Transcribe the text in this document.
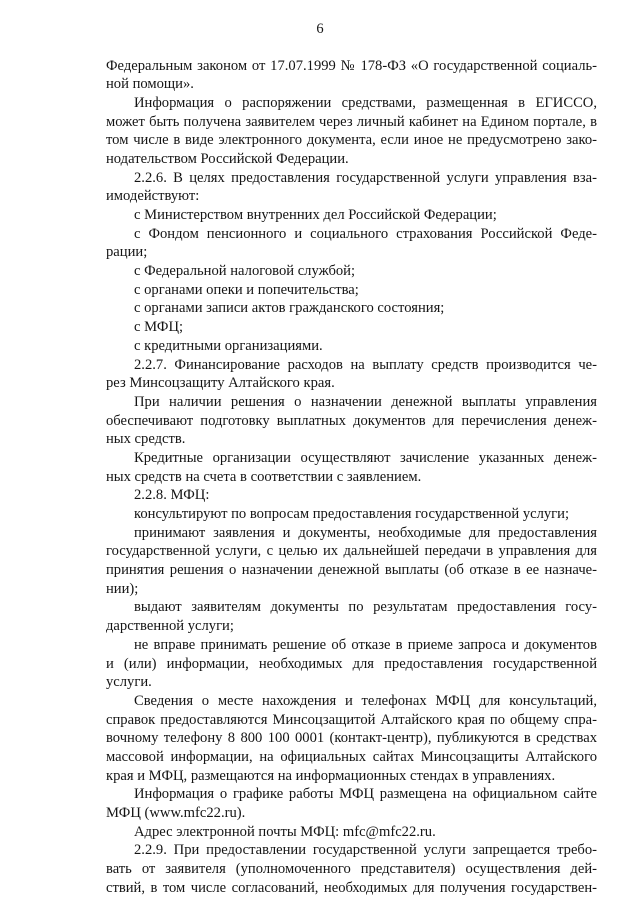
6
Федеральным законом от 17.07.1999 № 178-ФЗ «О государственной социаль-
ной помощи».
Информация о распоряжении средствами, размещенная в ЕГИССО,
может быть получена заявителем через личный кабинет на Едином портале, в
том числе в виде электронного документа, если иное не предусмотрено зако-
нодательством Российской Федерации.
2.2.6. В целях предоставления государственной услуги управления вза-
имодействуют:
с Министерством внутренних дел Российской Федерации;
с Фондом пенсионного и социального страхования Российской Феде-
рации;
с Федеральной налоговой службой;
с органами опеки и попечительства;
с органами записи актов гражданского состояния;
с МФЦ;
с кредитными организациями.
2.2.7. Финансирование расходов на выплату средств производится че-
рез Минсоцзащиту Алтайского края.
При наличии решения о назначении денежной выплаты управления
обеспечивают подготовку выплатных документов для перечисления денеж-
ных средств.
Кредитные организации осуществляют зачисление указанных денеж-
ных средств на счета в соответствии с заявлением.
2.2.8. МФЦ:
консультируют по вопросам предоставления государственной услуги;
принимают заявления и документы, необходимые для предоставления
государственной услуги, с целью их дальнейшей передачи в управления для
принятия решения о назначении денежной выплаты (об отказе в ее назначе-
нии);
выдают заявителям документы по результатам предоставления госу-
дарственной услуги;
не вправе принимать решение об отказе в приеме запроса и документов
и (или) информации, необходимых для предоставления государственной
услуги.
Сведения о месте нахождения и телефонах МФЦ для консультаций,
справок предоставляются Минсоцзащитой Алтайского края по общему спра-
вочному телефону 8 800 100 0001 (контакт-центр), публикуются в средствах
массовой информации, на официальных сайтах Минсоцзащиты Алтайского
края и МФЦ, размещаются на информационных стендах в управлениях.
Информация о графике работы МФЦ размещена на официальном сайте
МФЦ (www.mfc22.ru).
Адрес электронной почты МФЦ: mfc@mfc22.ru.
2.2.9. При предоставлении государственной услуги запрещается требо-
вать от заявителя (уполномоченного представителя) осуществления дей-
ствий, в том числе согласований, необходимых для получения государствен-
